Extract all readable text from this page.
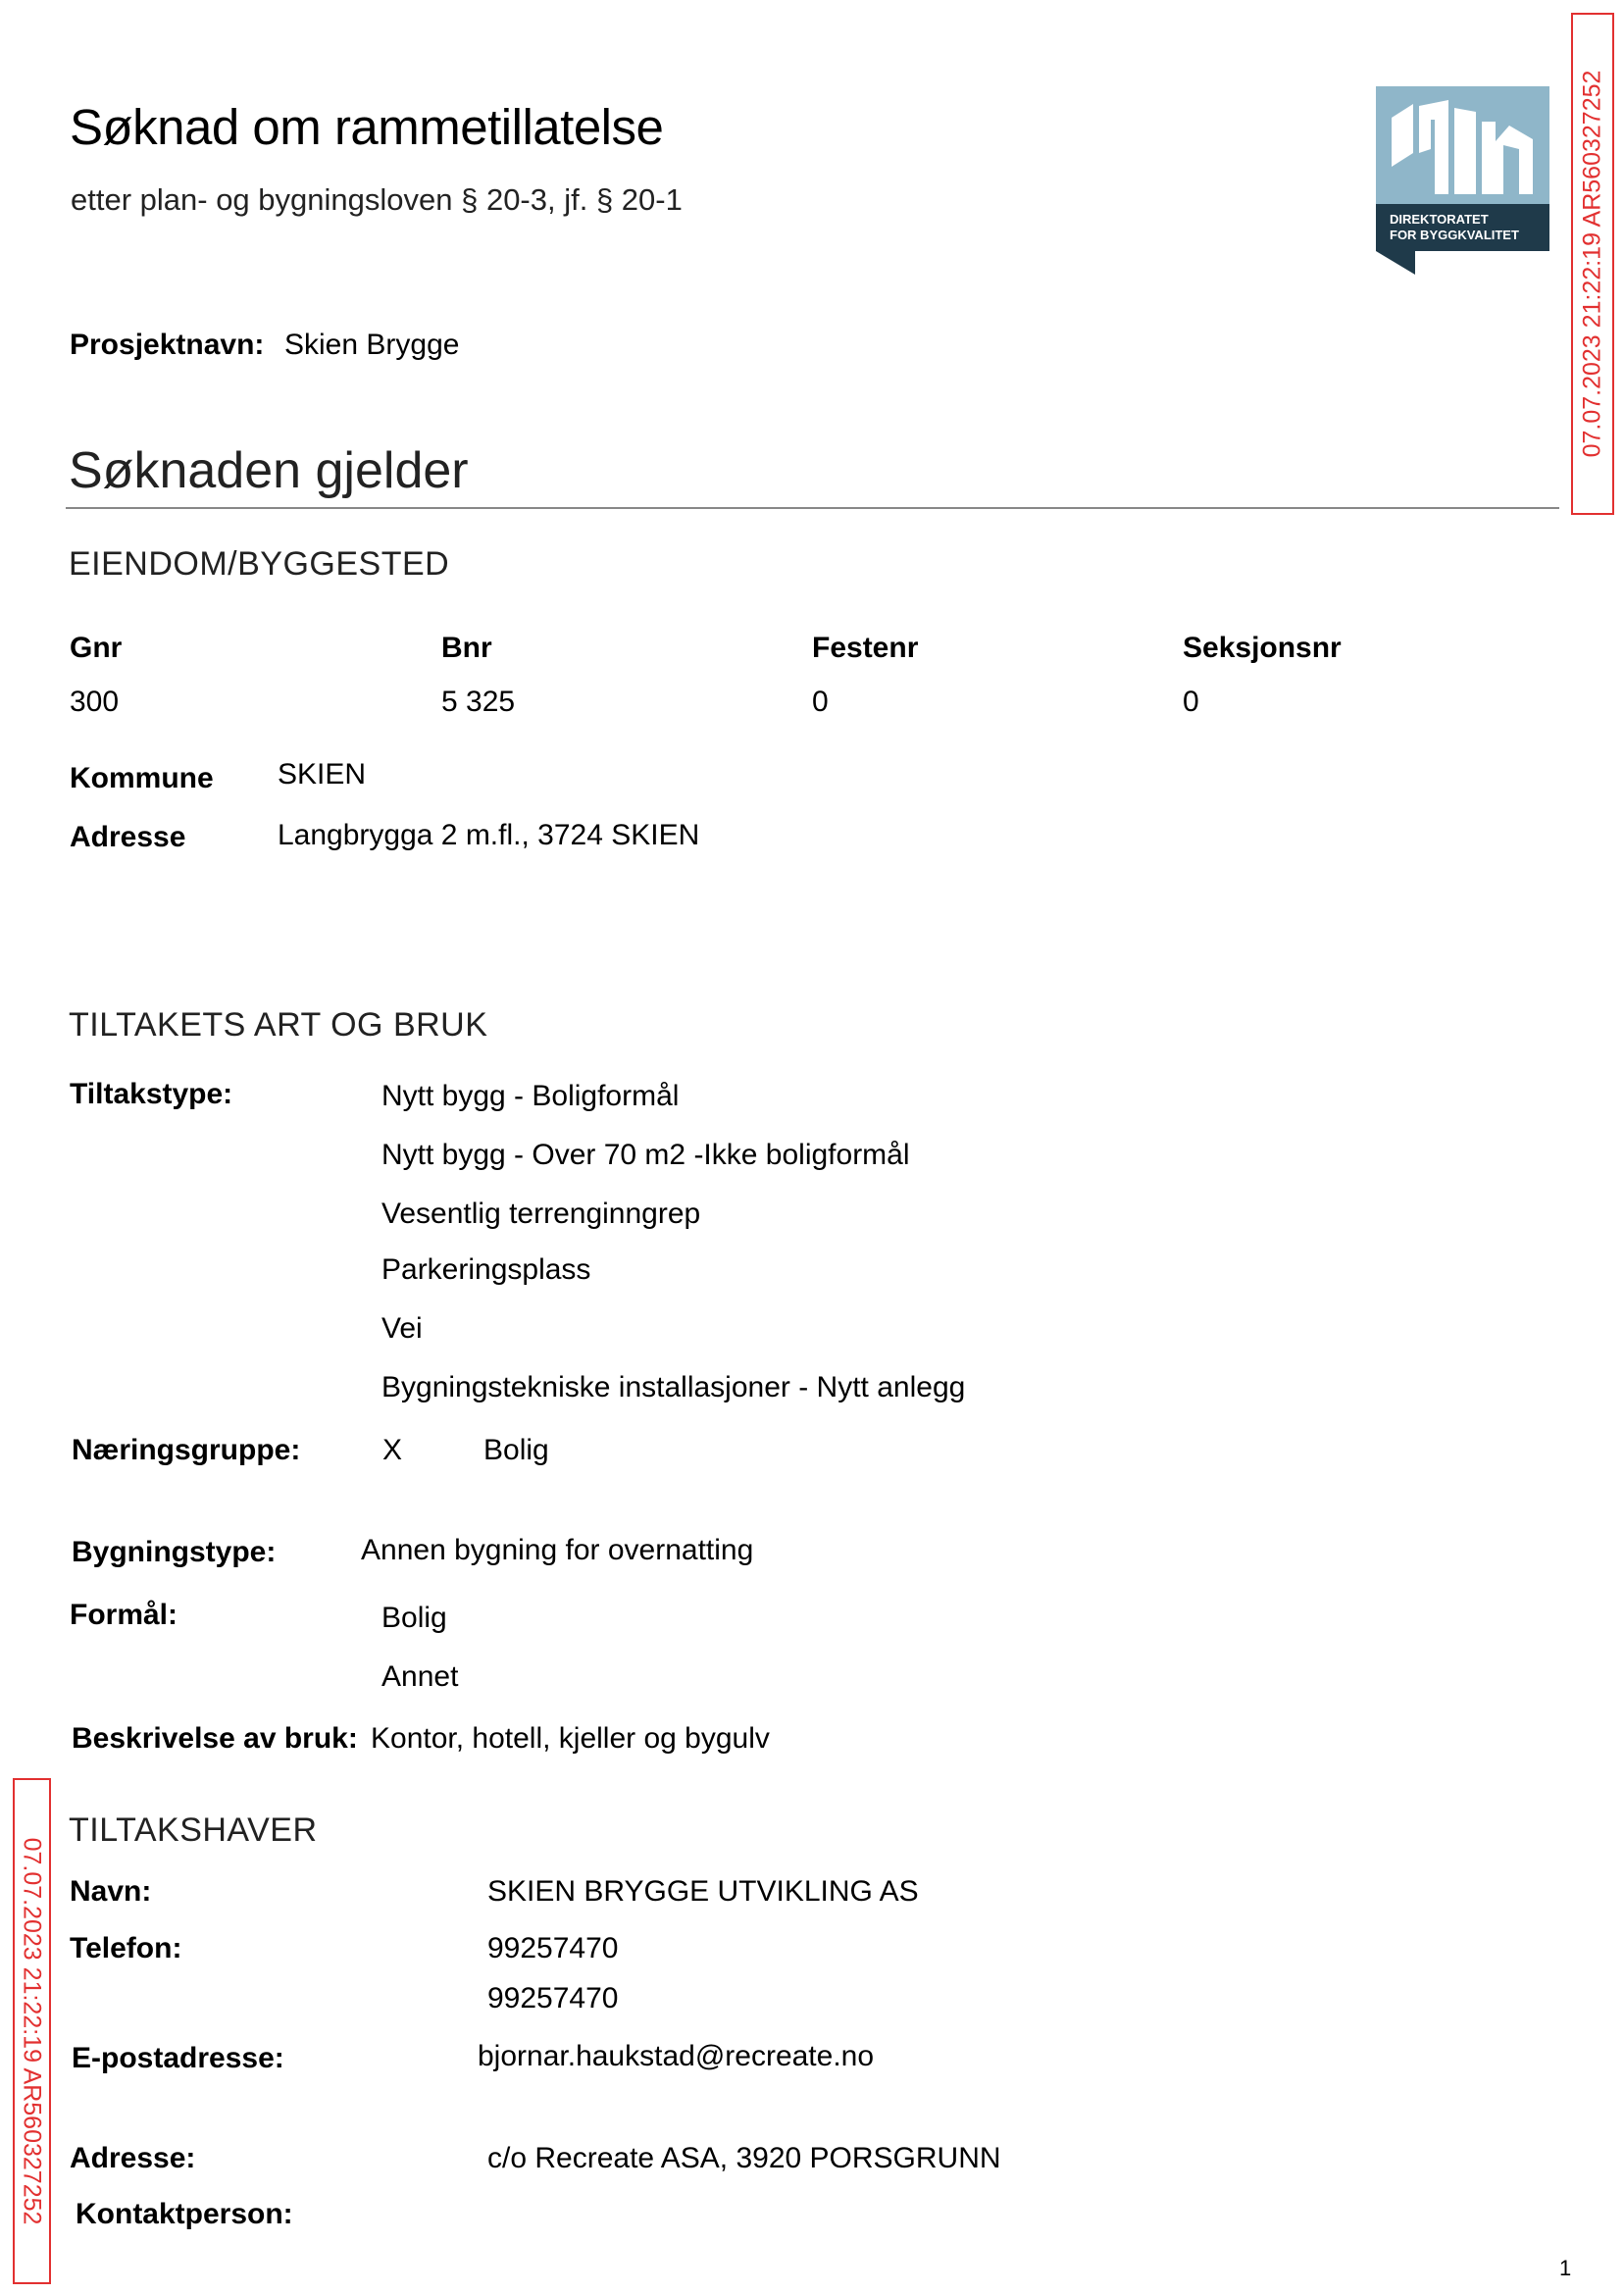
Søknad om rammetillatelse
etter plan- og bygningsloven § 20-3, jf. § 20-1
DIREKTORATET
FOR BYGGKVALITET 07.07.2023 21:22:19 AR560327252
Prosjektnavn: Skien Brygge
Søknaden gjelder
EIENDOM/BYGGESTED
Gnr	Bnr	Festenr	Seksjonsnr
300	5 325	0	0
Kommune SKIEN
Adresse	Langbrygga 2 m.fl., 3724 SKIEN
TILTAKETS ART OG BRUK
Tiltakstype:	Nytt bygg - Boligformål
Nytt bygg - Over 70 m2 -Ikke boligformål
Vesentlig terrenginngrep
Parkeringsplass
Vei
Bygningstekniske installasjoner - Nytt anlegg
Næringsgruppe:	X	Bolig
Bygningstype:	Annen bygning for overnatting
Formål:	Bolig
Annet
Beskrivelse av bruk: Kontor, hotell, kjeller og bygulv
07.07.2023 21:22:19 AR560327252
TILTAKSHAVER
Navn:	SKIEN BRYGGE UTVIKLING AS
Telefon:	99257470
99257470
E-postadresse:	bjornar.haukstad@recreate.no
Adresse:	c/o Recreate ASA, 3920 PORSGRUNN
Kontaktperson:
1
